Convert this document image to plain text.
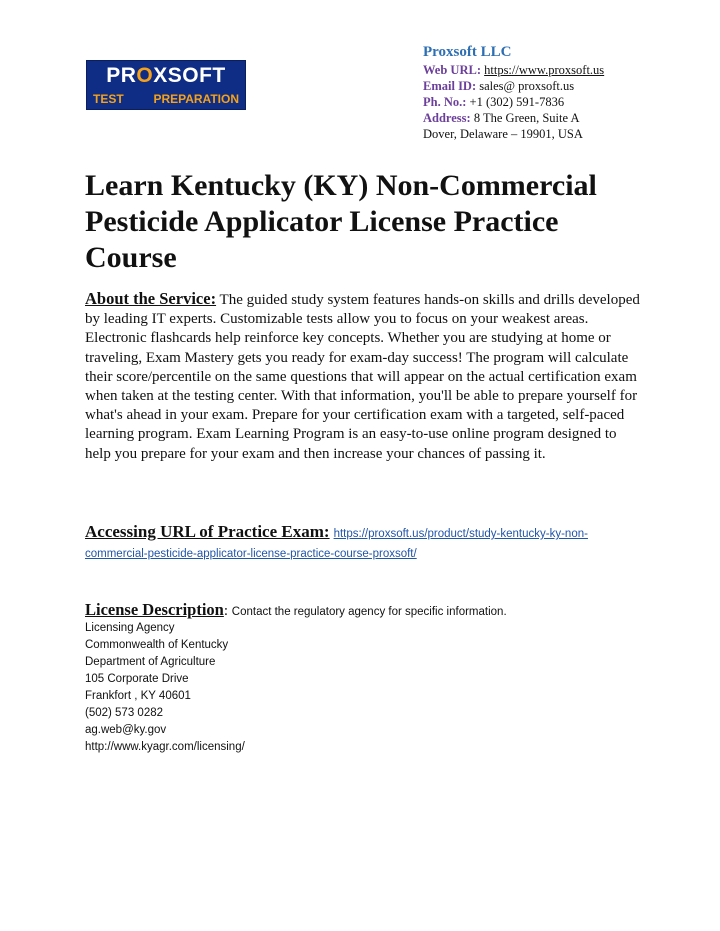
PROXSOFT
TEST PREPARATION
Proxsoft LLC
Web URL: https://www.proxsoft.us
Email ID: sales@ proxsoft.us
Ph. No.: +1 (302) 591-7836
Address: 8 The Green, Suite A
Dover, Delaware – 19901, USA
Learn Kentucky (KY) Non-Commercial Pesticide Applicator License Practice Course

About the Service: The guided study system features hands-on skills and drills developed by leading IT experts. Customizable tests allow you to focus on your weakest areas. Electronic flashcards help reinforce key concepts. Whether you are studying at home or traveling, Exam Mastery gets you ready for exam-day success! The program will calculate their score/percentile on the same questions that will appear on the actual certification exam when taken at the testing center. With that information, you'll be able to prepare yourself for what's ahead in your exam. Prepare for your certification exam with a targeted, self-paced learning program. Exam Learning Program is an easy-to-use online program designed to help you prepare for your exam and then increase your chances of passing it.

Accessing URL of Practice Exam: https://proxsoft.us/product/study-kentucky-ky-non-commercial-pesticide-applicator-license-practice-course-proxsoft/
License Description: Contact the regulatory agency for specific information.
Licensing Agency
Commonwealth of Kentucky
Department of Agriculture
105 Corporate Drive
Frankfort , KY 40601
(502) 573 0282
ag.web@ky.gov
http://www.kyagr.com/licensing/
